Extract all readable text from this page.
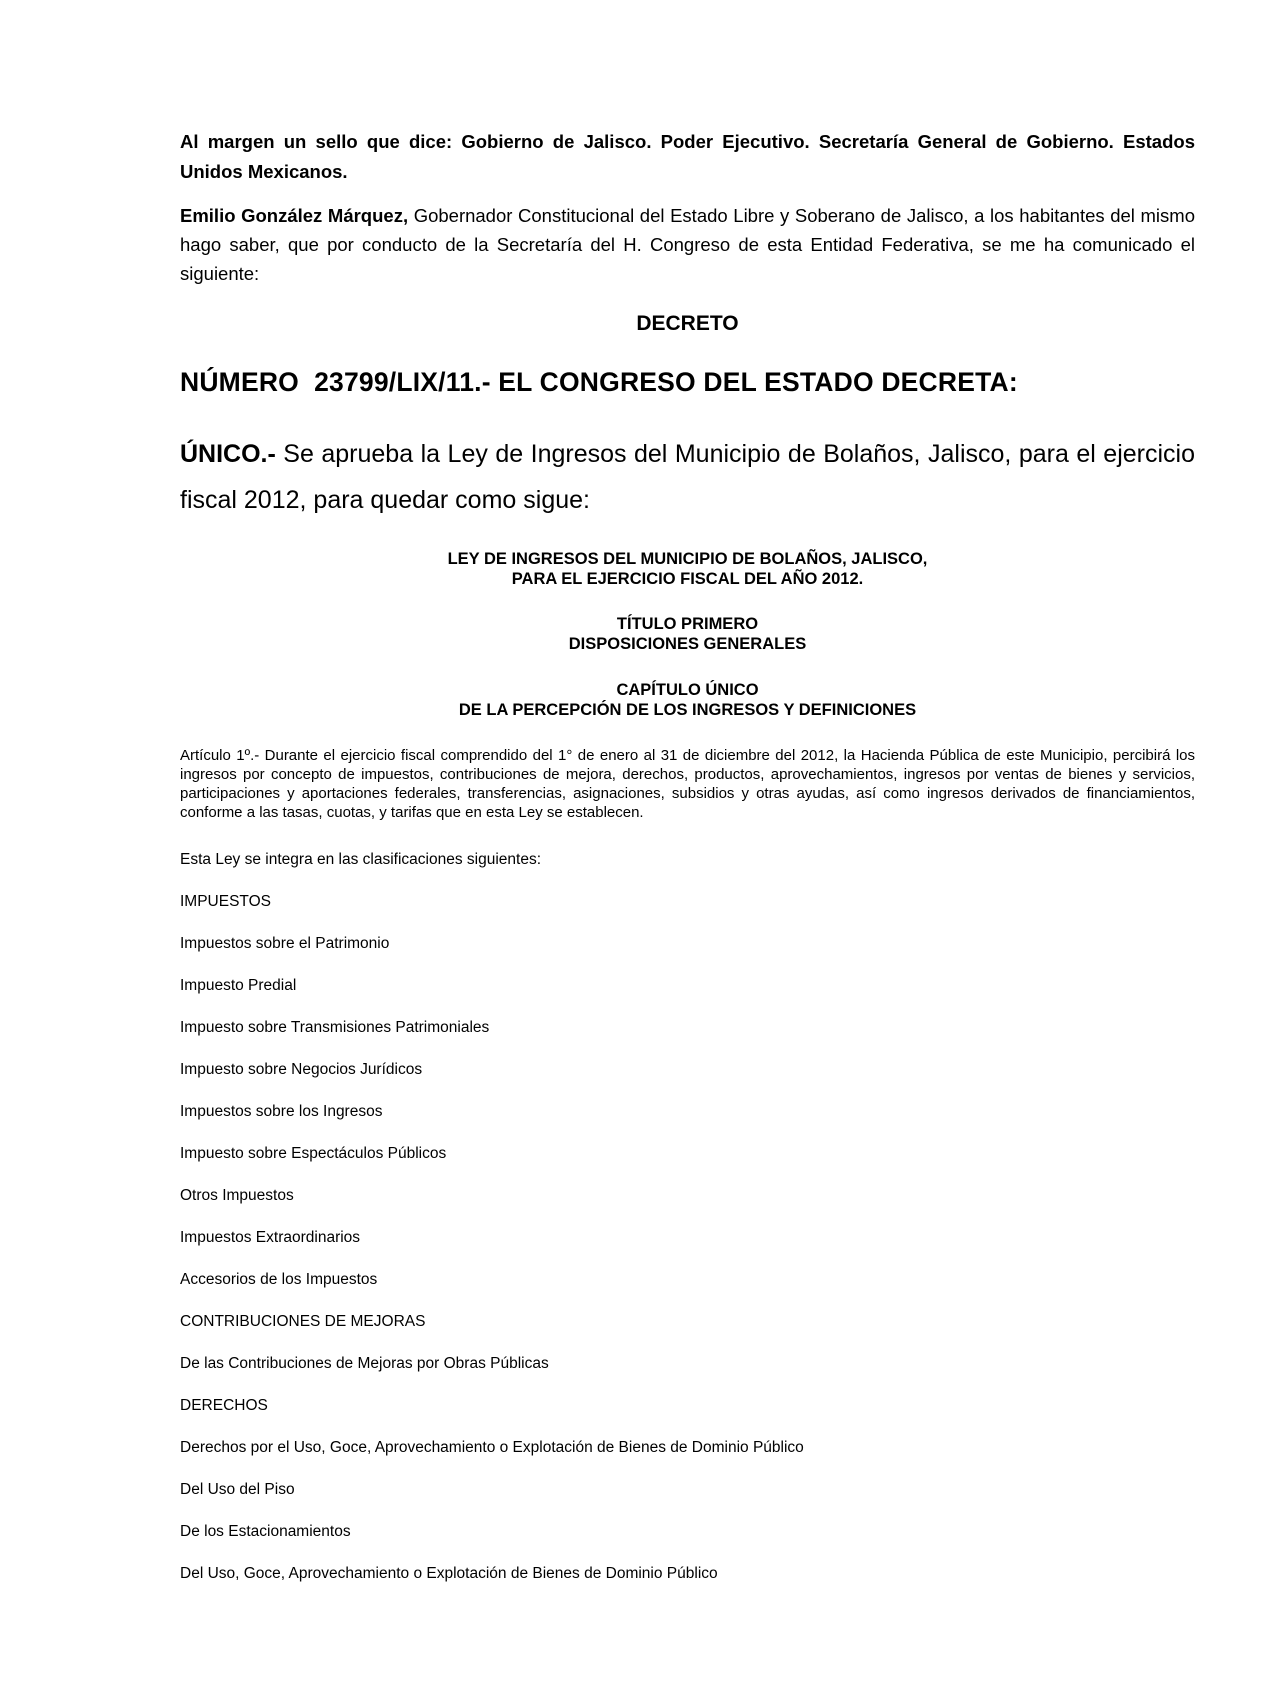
Al margen un sello que dice: Gobierno de Jalisco. Poder Ejecutivo. Secretaría General de Gobierno. Estados Unidos Mexicanos.

Emilio González Márquez, Gobernador Constitucional del Estado Libre y Soberano de Jalisco, a los habitantes del mismo hago saber, que por conducto de la Secretaría del H. Congreso de esta Entidad Federativa, se me ha comunicado el siguiente:

DECRETO
NÚMERO  23799/LIX/11.- EL CONGRESO DEL ESTADO DECRETA:

ÚNICO.- Se aprueba la Ley de Ingresos del Municipio de Bolaños, Jalisco, para el ejercicio fiscal 2012, para quedar como sigue:

LEY DE INGRESOS DEL MUNICIPIO DE BOLAÑOS, JALISCO,
PARA EL EJERCICIO FISCAL DEL AÑO 2012.
TÍTULO PRIMERO
DISPOSICIONES GENERALES
CAPÍTULO ÚNICO
DE LA PERCEPCIÓN DE LOS INGRESOS Y DEFINICIONES

Artículo 1º.- Durante el ejercicio fiscal comprendido del 1° de enero al 31 de diciembre del 2012, la Hacienda Pública de este Municipio, percibirá los ingresos por concepto de impuestos, contribuciones de mejora, derechos, productos, aprovechamientos, ingresos por ventas de bienes y servicios, participaciones y aportaciones federales, transferencias, asignaciones, subsidios y otras ayudas, así como ingresos derivados de financiamientos, conforme a las tasas, cuotas, y tarifas que en esta Ley se establecen.

Esta Ley se integra en las clasificaciones siguientes:
IMPUESTOS
Impuestos sobre el Patrimonio
Impuesto Predial
Impuesto sobre Transmisiones Patrimoniales
Impuesto sobre Negocios Jurídicos
Impuestos sobre los Ingresos
Impuesto sobre Espectáculos Públicos
Otros Impuestos
Impuestos Extraordinarios
Accesorios de los Impuestos
CONTRIBUCIONES DE MEJORAS
De las Contribuciones de Mejoras por Obras Públicas
DERECHOS
Derechos por el Uso, Goce, Aprovechamiento o Explotación de Bienes de Dominio Público
Del Uso del Piso
De los Estacionamientos
Del Uso, Goce, Aprovechamiento o Explotación de Bienes de Dominio Público
